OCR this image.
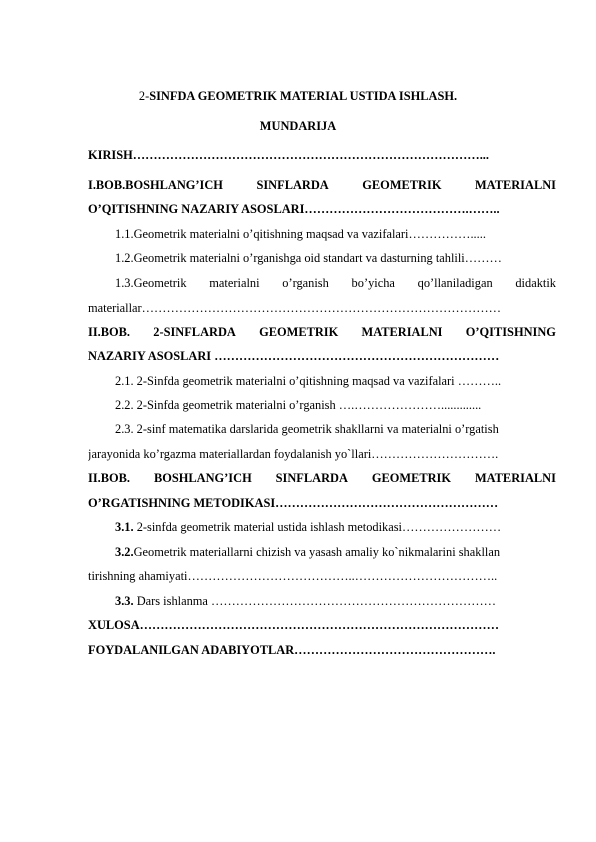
2-SINFDA GEOMETRIK MATERIAL USTIDA ISHLASH.
MUNDARIJA
KIRISH…………………………………………………………………………...
I.BOB.BOSHLANG’ICH	SINFLARDA	GEOMETRIK	MATERIALNI
O’QITISHNING NAZARIY ASOSLARI………………………………….……..
1.1.Geometrik materialni o’qitishning maqsad va vazifalari…………….....
1.2.Geometrik materialni o’rganishga oid standart va dasturning tahlili………
1.3.Geometrik materialni o’rganish bo’yicha qo’llaniladigan didaktik
materiallar……………………………………………………………………………
II.BOB. 2-SINFLARDA GEOMETRIK MATERIALNI O’QITISHNING
NAZARIY ASOSLARI ……………………………………………………………
2.1. 2-Sinfda geometrik materialni o’qitishning maqsad va vazifalari ………..
2.2. 2-Sinfda geometrik materialni o’rganish ….………………….............
2.3. 2-sinf matematika darslarida geometrik shakllarni va materialni o’rgatish
jarayonida ko’rgazma materiallardan foydalanish yo`llari………………………….
II.BOB. BOSHLANG’ICH SINFLARDA GEOMETRIK MATERIALNI
O’RGATISHNING METODIKASI………………………………………………
3.1. 2-sinfda geometrik material ustida ishlash metodikasi……………………
3.2.Geometrik materiallarni chizish va yasash amaliy ko`nikmalarini shakllan
tirishning ahamiyati…………………………………..……………………………..
3.3. Dars ishlanma ……………………………………………………………
XULOSA……………………………………………………………………………
FOYDALANILGAN ADABIYOTLAR………………………………………….
